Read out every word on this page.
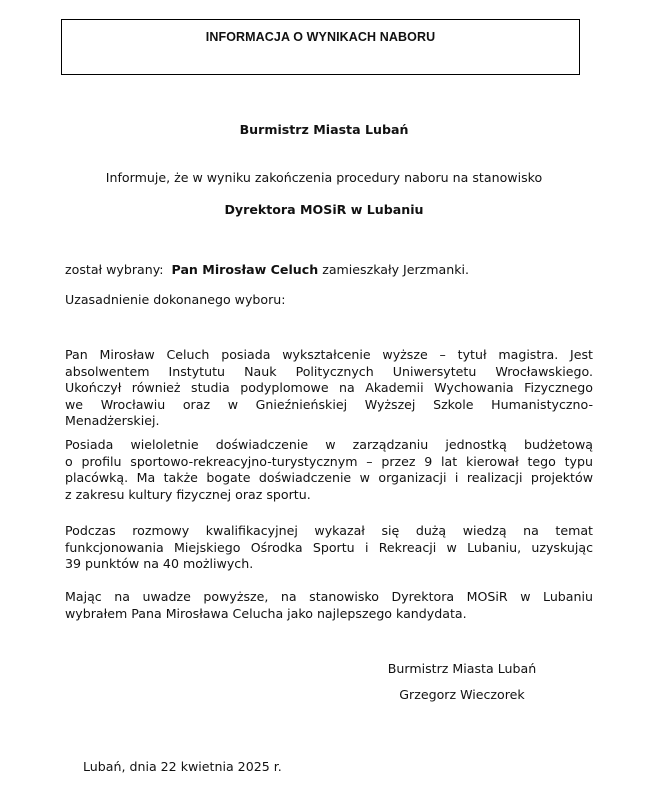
INFORMACJA O WYNIKACH NABORU
Burmistrz Miasta Lubań
Informuje, że w wyniku zakończenia procedury naboru na stanowisko
Dyrektora MOSiR w Lubaniu
został wybrany: Pan Mirosław Celuch zamieszkały Jerzmanki.
Uzasadnienie dokonanego wyboru:
Pan Mirosław Celuch posiada wykształcenie wyższe – tytuł magistra. Jest
absolwentem Instytutu Nauk Politycznych Uniwersytetu Wrocławskiego.
Ukończył również studia podyplomowe na Akademii Wychowania Fizycznego
we Wrocławiu oraz w Gnieźnieńskiej Wyższej Szkole Humanistyczno-
Menadżerskiej.
Posiada wieloletnie doświadczenie w zarządzaniu jednostką budżetową
o profilu sportowo-rekreacyjno-turystycznym – przez 9 lat kierował tego typu
placówką. Ma także bogate doświadczenie w organizacji i realizacji projektów
z zakresu kultury fizycznej oraz sportu.
Podczas rozmowy kwalifikacyjnej wykazał się dużą wiedzą na temat
funkcjonowania Miejskiego Ośrodka Sportu i Rekreacji w Lubaniu, uzyskując
39 punktów na 40 możliwych.
Mając na uwadze powyższe, na stanowisko Dyrektora MOSiR w Lubaniu
wybrałem Pana Mirosława Celucha jako najlepszego kandydata.
Burmistrz Miasta Lubań
Grzegorz Wieczorek
Lubań, dnia 22 kwietnia 2025 r.
